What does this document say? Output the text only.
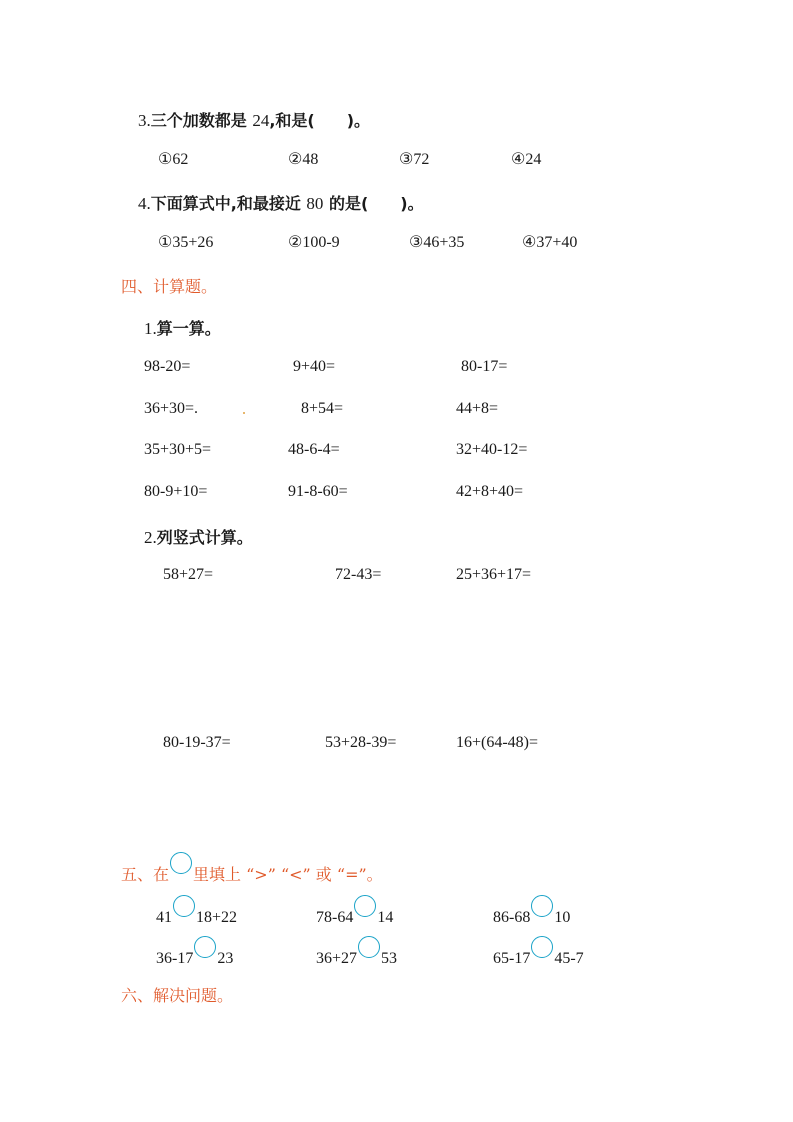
3.三个加数都是 24,和是(　　)。
①62	②48	③72	④24
4.下面算式中,和最接近 80 的是(　　)。
①35+26	②100-9	③46+35	④37+40
四、计算题。
1.算一算。
98-20=	9+40=	80-17=
36+30=.	8+54=	44+8=
35+30+5=	48-6-4=	32+40-12=
80-9+10=	91-8-60=	42+8+40=
2.列竖式计算。
58+27=	72-43=	25+36+17=
80-19-37=	53+28-39=	16+(64-48)=
五、在 里填上 “>” “<” 或 “=”。
41 18+22	78-64 14	86-68 10
36-17 23	36+27 53	65-17 45-7
六、解决问题。
